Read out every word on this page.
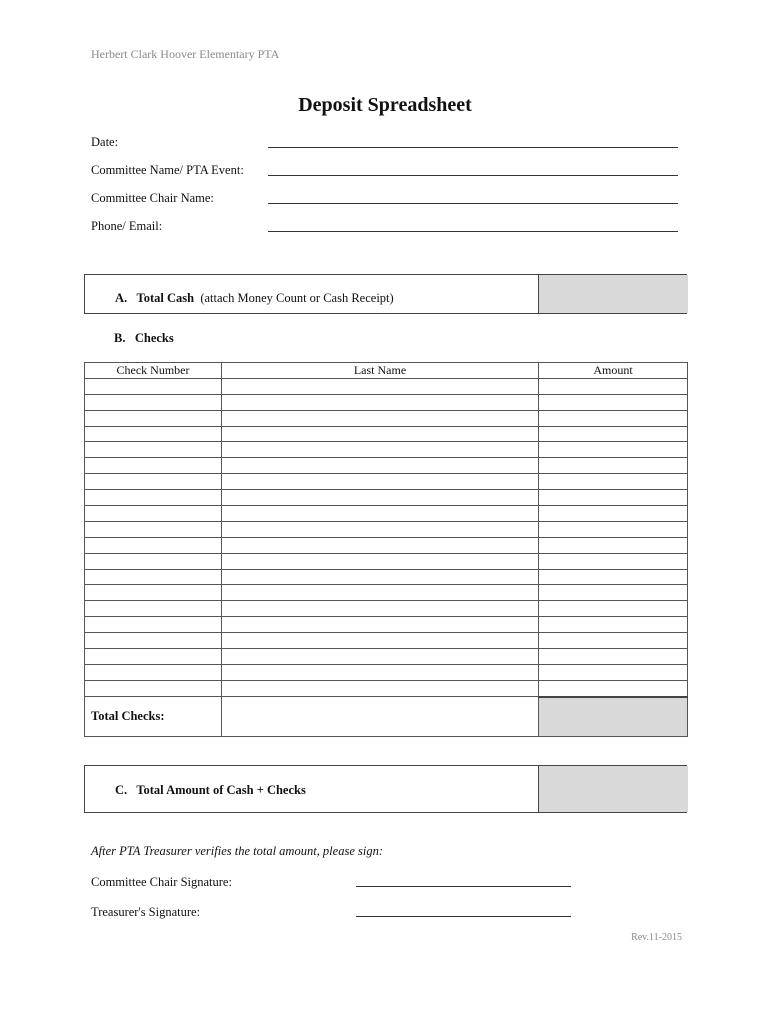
Herbert Clark Hoover Elementary PTA
Deposit Spreadsheet
Date:
Committee Name/ PTA Event:
Committee Chair Name:
Phone/ Email:
A. Total Cash (attach Money Count or Cash Receipt)
B. Checks
Check Number	Last Name	Amount

Total Checks:		
C. Total Amount of Cash + Checks
After PTA Treasurer verifies the total amount, please sign:
Committee Chair Signature:
Treasurer's Signature:
Rev.11-2015
